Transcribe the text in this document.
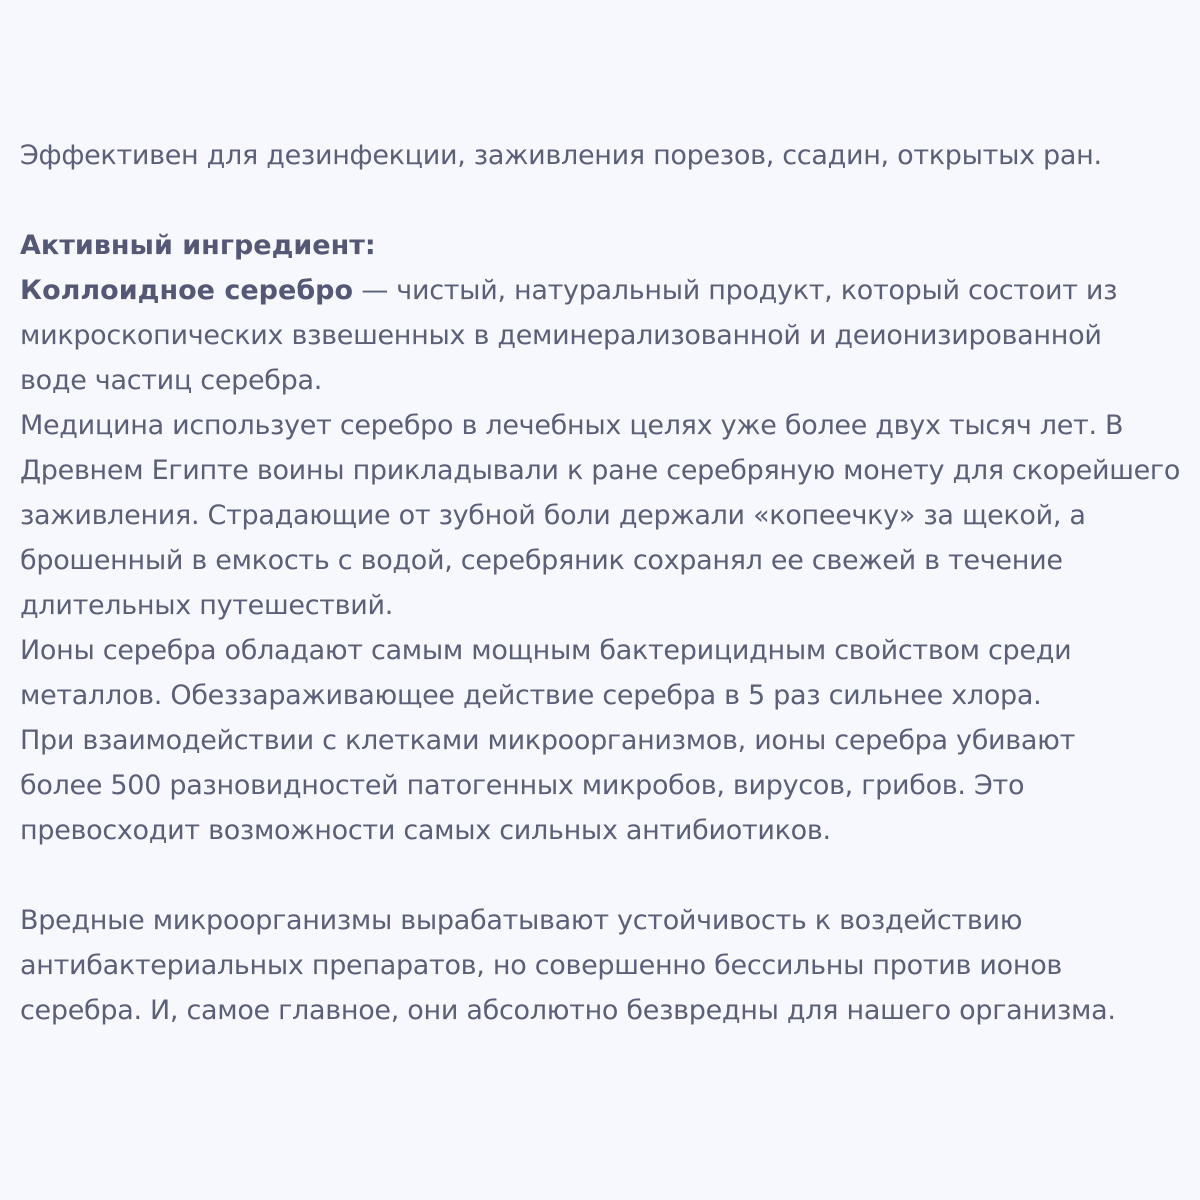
Эффективен для дезинфекции, заживления порезов, ссадин, открытых ран.
Активный ингредиент:
Коллоидное серебро — чистый, натуральный продукт, который состоит из
микроскопических взвешенных в деминерализованной и деионизированной
воде частиц серебра.
Медицина использует серебро в лечебных целях уже более двух тысяч лет. В
Древнем Египте воины прикладывали к ране серебряную монету для скорейшего
заживления. Страдающие от зубной боли держали «копеечку» за щекой, а
брошенный в емкость с водой, серебряник сохранял ее свежей в течение
длительных путешествий.
Ионы серебра обладают самым мощным бактерицидным свойством среди
металлов. Обеззараживающее действие серебра в 5 раз сильнее хлора.
При взаимодействии с клетками микроорганизмов, ионы серебра убивают
более 500 разновидностей патогенных микробов, вирусов, грибов. Это
превосходит возможности самых сильных антибиотиков.
Вредные микроорганизмы вырабатывают устойчивость к воздействию
антибактериальных препаратов, но совершенно бессильны против ионов
серебра. И, самое главное, они абсолютно безвредны для нашего организма.
